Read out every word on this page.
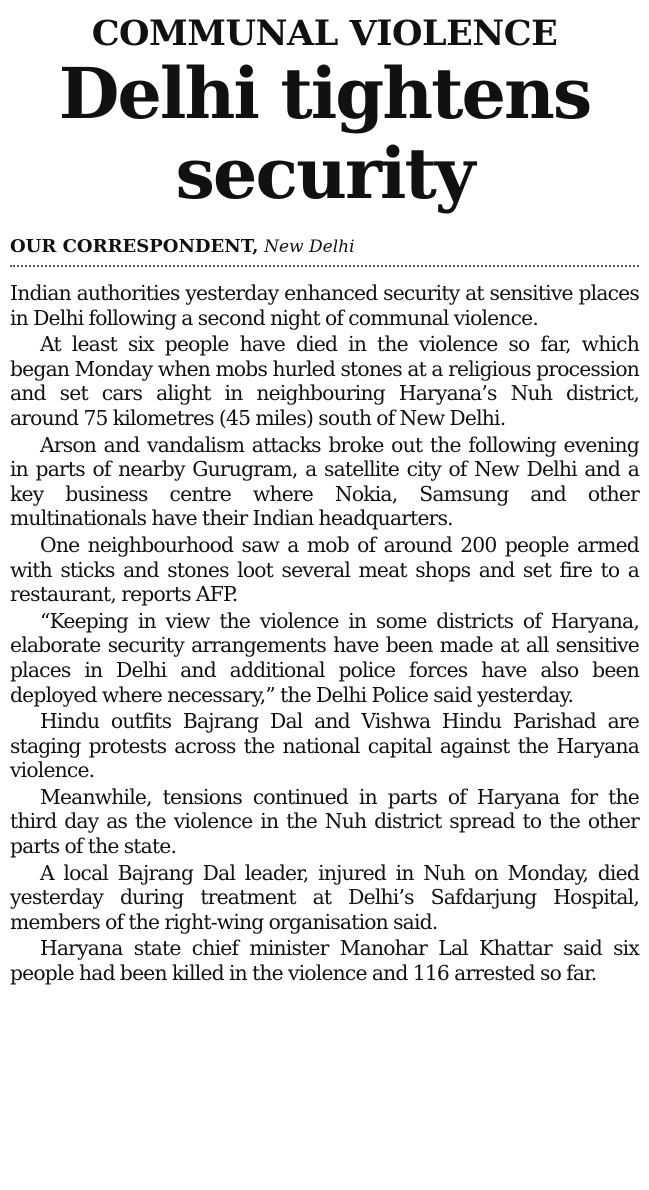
COMMUNAL VIOLENCE
Delhi tightens
security
OUR CORRESPONDENT, New Delhi

Indian authorities yesterday enhanced security at sensitive places in Delhi following a second night of communal violence.

At least six people have died in the violence so far, which began Monday when mobs hurled stones at a religious procession and set cars alight in neighbouring Haryana’s Nuh district, around 75 kilometres (45 miles) south of New Delhi.

Arson and vandalism attacks broke out the following evening in parts of nearby Gurugram, a satellite city of New Delhi and a key business centre where Nokia, Samsung and other multinationals have their Indian headquarters.

One neighbourhood saw a mob of around 200 people armed with sticks and stones loot several meat shops and set fire to a restaurant, reports AFP.

“Keeping in view the violence in some districts of Haryana, elaborate security arrangements have been made at all sensitive places in Delhi and additional police forces have also been deployed where necessary,” the Delhi Police said yesterday.

Hindu outfits Bajrang Dal and Vishwa Hindu Parishad are staging protests across the national capital against the Haryana violence.

Meanwhile, tensions continued in parts of Haryana for the third day as the violence in the Nuh district spread to the other parts of the state.

A local Bajrang Dal leader, injured in Nuh on Monday, died yesterday during treatment at Delhi’s Safdarjung Hospital, members of the right-wing organisation said.

Haryana state chief minister Manohar Lal Khattar said six people had been killed in the violence and 116 arrested so far.
